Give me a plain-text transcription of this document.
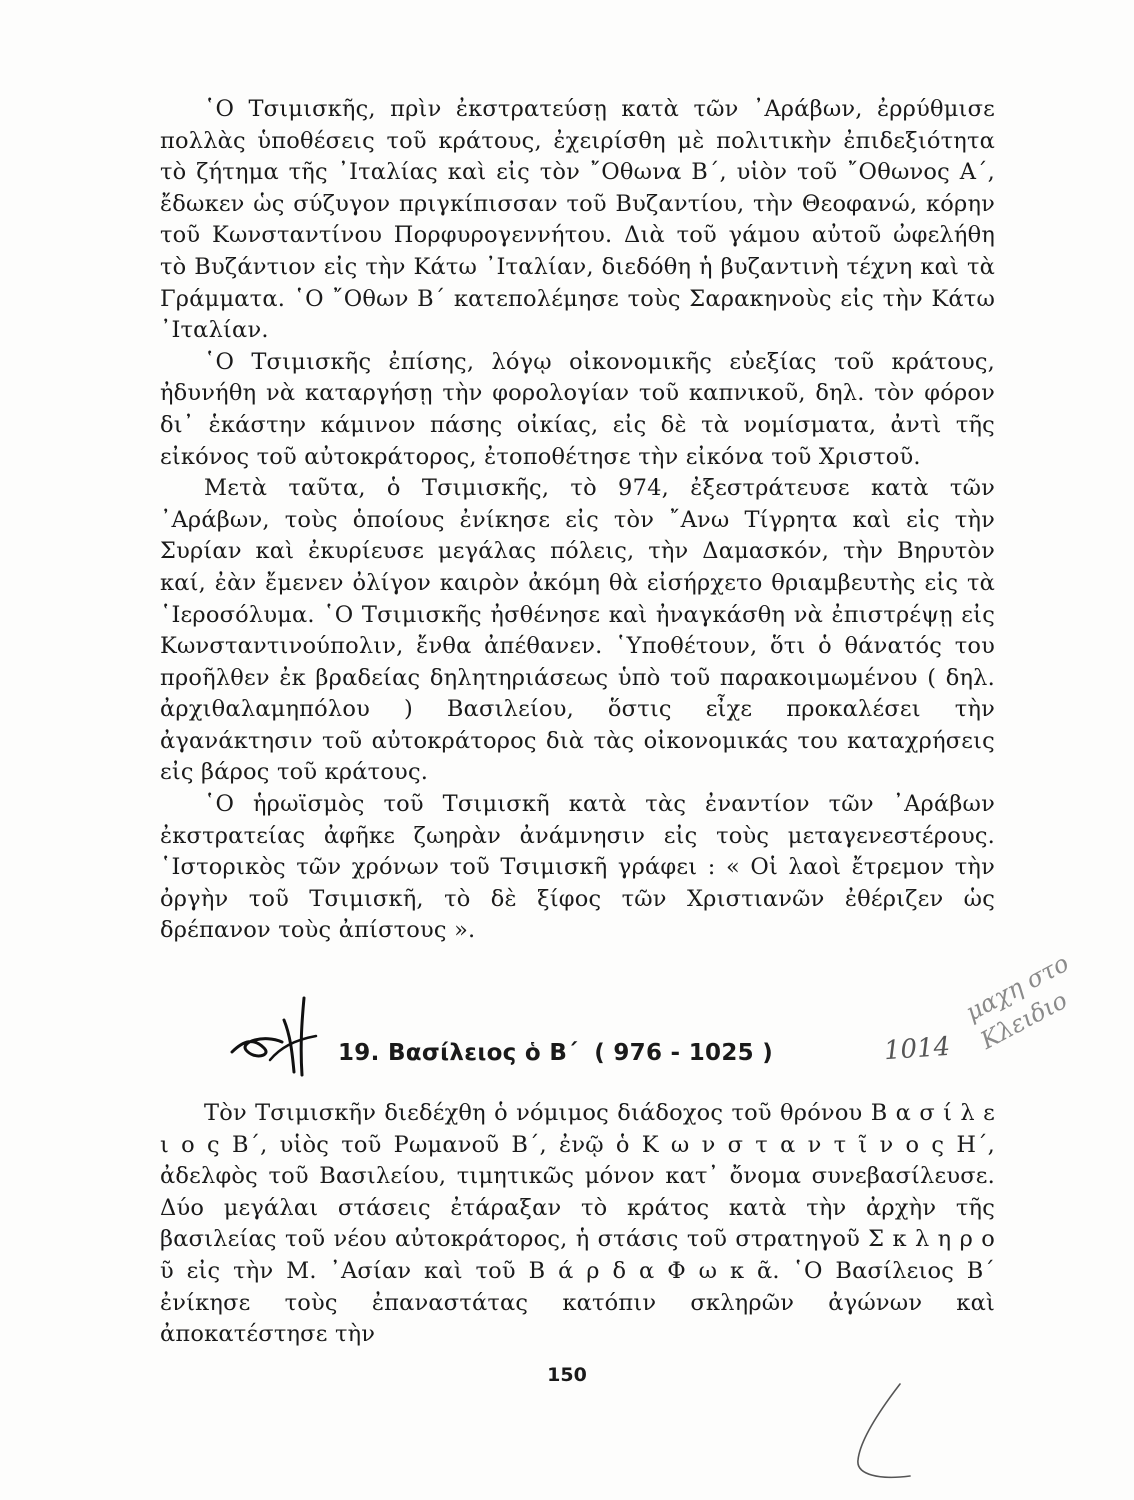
῾Ο Τσιμισκῆς, πρὶν ἐκστρατεύσῃ κατὰ τῶν ᾿Αράβων, ἐρρύθμισε πολλὰς ὑποθέσεις τοῦ κράτους, ἐχειρίσθη μὲ πολιτικὴν ἐπιδεξιότητα τὸ ζήτημα τῆς ᾿Ιταλίας καὶ εἰς τὸν ῎Οθωνα Β΄, υἱὸν τοῦ ῎Οθωνος Α΄, ἔδωκεν ὡς σύζυγον πριγκίπισσαν τοῦ Βυζαντίου, τὴν Θεοφανώ, κόρην τοῦ Κωνσταντίνου Πορφυρογεννήτου. Διὰ τοῦ γάμου αὐτοῦ ὠφελήθη τὸ Βυζάντιον εἰς τὴν Κάτω ᾿Ιταλίαν, διεδόθη ἡ βυζαντινὴ τέχνη καὶ τὰ Γράμματα. ῾Ο ῎Οθων Β΄ κατεπολέμησε τοὺς Σαρακηνοὺς εἰς τὴν Κάτω ᾿Ιταλίαν.

῾Ο Τσιμισκῆς ἐπίσης, λόγῳ οἰκονομικῆς εὐεξίας τοῦ κράτους, ἠδυνήθη νὰ καταργήσῃ τὴν φορολογίαν τοῦ καπνικοῦ, δηλ. τὸν φόρον δι᾿ ἑκάστην κάμινον πάσης οἰκίας, εἰς δὲ τὰ νομίσματα, ἀντὶ τῆς εἰκόνος τοῦ αὐτοκράτορος, ἐτοποθέτησε τὴν εἰκόνα τοῦ Χριστοῦ.

Μετὰ ταῦτα, ὁ Τσιμισκῆς, τὸ 974, ἐξεστράτευσε κατὰ τῶν ᾿Αράβων, τοὺς ὁποίους ἐνίκησε εἰς τὸν ῎Ανω Τίγρητα καὶ εἰς τὴν Συρίαν καὶ ἐκυρίευσε μεγάλας πόλεις, τὴν Δαμασκόν, τὴν Βηρυτὸν καί, ἐὰν ἔμενεν ὀλίγον καιρὸν ἀκόμη θὰ εἰσήρχετο θριαμβευτὴς εἰς τὰ ῾Ιεροσόλυμα. ῾Ο Τσιμισκῆς ἠσθένησε καὶ ἠναγκάσθη νὰ ἐπιστρέψῃ εἰς Κωνσταντινούπολιν, ἔνθα ἀπέθανεν. ῾Υποθέτουν, ὅτι ὁ θάνατός του προῆλθεν ἐκ βραδείας δηλητηριάσεως ὑπὸ τοῦ παρακοιμωμένου ( δηλ. ἀρχιθαλαμηπόλου ) Βασιλείου, ὅστις εἶχε προκαλέσει τὴν ἀγανάκτησιν τοῦ αὐτοκράτορος διὰ τὰς οἰκονομικάς του καταχρήσεις εἰς βάρος τοῦ κράτους.

῾Ο ἡρωϊσμὸς τοῦ Τσιμισκῆ κατὰ τὰς ἐναντίον τῶν ᾿Αράβων ἐκστρατείας ἀφῆκε ζωηρὰν ἀνάμνησιν εἰς τοὺς μεταγενεστέρους. ῾Ιστορικὸς τῶν χρόνων τοῦ Τσιμισκῆ γράφει : « Οἱ λαοὶ ἔτρεμον τὴν ὀργὴν τοῦ Τσιμισκῆ, τὸ δὲ ξίφος τῶν Χριστιανῶν ἐθέριζεν ὡς δρέπανον τοὺς ἀπίστους ».

19. Βασίλειος ὁ Β΄  ( 976 - 1025 )	1014
μαχη στο Κλειδιο

Τὸν Τσιμισκῆν διεδέχθη ὁ νόμιμος διάδοχος τοῦ θρόνου Β α σ ί λ ε ι ο ς Β΄, υἱὸς τοῦ Ρωμανοῦ Β΄, ἐνῷ ὁ Κ ω ν σ τ α ν τ ῖ ν ο ς Η΄, ἀδελφὸς τοῦ Βασιλείου, τιμητικῶς μόνον κατ᾿ ὄνομα συνεβασίλευσε. Δύο μεγάλαι στάσεις ἐτάραξαν τὸ κράτος κατὰ τὴν ἀρχὴν τῆς βασιλείας τοῦ νέου αὐτοκράτορος, ἡ στάσις τοῦ στρατηγοῦ Σ κ λ η ρ ο ῦ εἰς τὴν Μ. ᾿Ασίαν καὶ τοῦ Β ά ρ δ α Φ ω κ ᾶ. ῾Ο Βασίλειος Β΄ ἐνίκησε τοὺς ἐπαναστάτας κατόπιν σκληρῶν ἀγώνων καὶ ἀποκατέστησε τὴν

150
